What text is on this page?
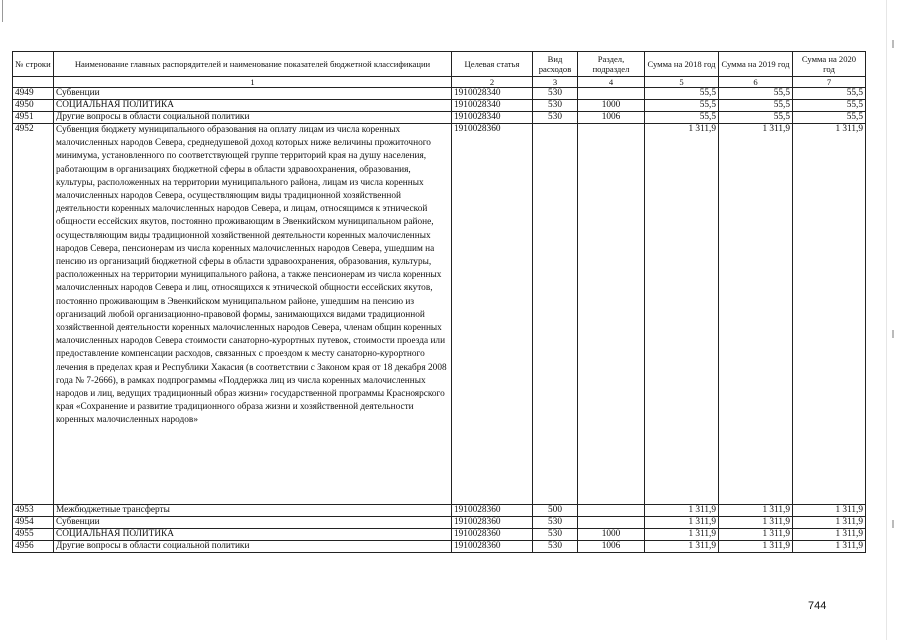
№ строки	Наименование главных распорядителей и наименование показателей бюджетной классификации	Целевая статья	Вид расходов	Раздел, подраздел	Сумма на 2018 год	Сумма на 2019 год	Сумма на 2020 год
	1	2	3	4	5	6	7
4949	Субвенции	1910028340	530		55,5	55,5	55,5
4950	СОЦИАЛЬНАЯ ПОЛИТИКА	1910028340	530	1000	55,5	55,5	55,5
4951	Другие вопросы в области социальной политики	1910028340	530	1006	55,5	55,5	55,5
4952	Субвенция бюджету муниципального образования на оплату лицам из числа коренных малочисленных народов Севера, среднедушевой доход которых ниже величины прожиточного минимума, установленного по соответствующей группе территорий края на душу населения, работающим в организациях бюджетной сферы в области здравоохранения, образования, культуры, расположенных на территории муниципального района, лицам из числа коренных малочисленных народов Севера, осуществляющим виды традиционной хозяйственной деятельности коренных малочисленных народов Севера, и лицам, относящимся к этнической общности ессейских якутов, постоянно проживающим в Эвенкийском муниципальном районе, осуществляющим виды традиционной хозяйственной деятельности коренных малочисленных народов Севера, пенсионерам из числа коренных малочисленных народов Севера, ушедшим на пенсию из организаций бюджетной сферы в области здравоохранения, образования, культуры, расположенных на территории муниципального района, а также пенсионерам из числа коренных малочисленных народов Севера и лиц, относящихся к этнической общности ессейских якутов, постоянно проживающим в Эвенкийском муниципальном районе, ушедшим на пенсию из организаций любой организационно-правовой формы, занимающихся видами традиционной хозяйственной деятельности коренных малочисленных народов Севера, членам общин коренных малочисленных народов Севера стоимости санаторно-курортных путевок, стоимости проезда или предоставление компенсации расходов, связанных с проездом к месту санаторно-курортного лечения в пределах края и Республики Хакасия (в соответствии с Законом края от 18 декабря 2008 года № 7-2666), в рамках подпрограммы «Поддержка лиц из числа коренных малочисленных народов и лиц, ведущих традиционный образ жизни» государственной программы Красноярского края «Сохранение и развитие традиционного образа жизни и хозяйственной деятельности коренных малочисленных народов»	1910028360			1 311,9	1 311,9	1 311,9
4953	Межбюджетные трансферты	1910028360	500		1 311,9	1 311,9	1 311,9
4954	Субвенции	1910028360	530		1 311,9	1 311,9	1 311,9
4955	СОЦИАЛЬНАЯ ПОЛИТИКА	1910028360	530	1000	1 311,9	1 311,9	1 311,9
4956	Другие вопросы в области социальной политики	1910028360	530	1006	1 311,9	1 311,9	1 311,9
744
